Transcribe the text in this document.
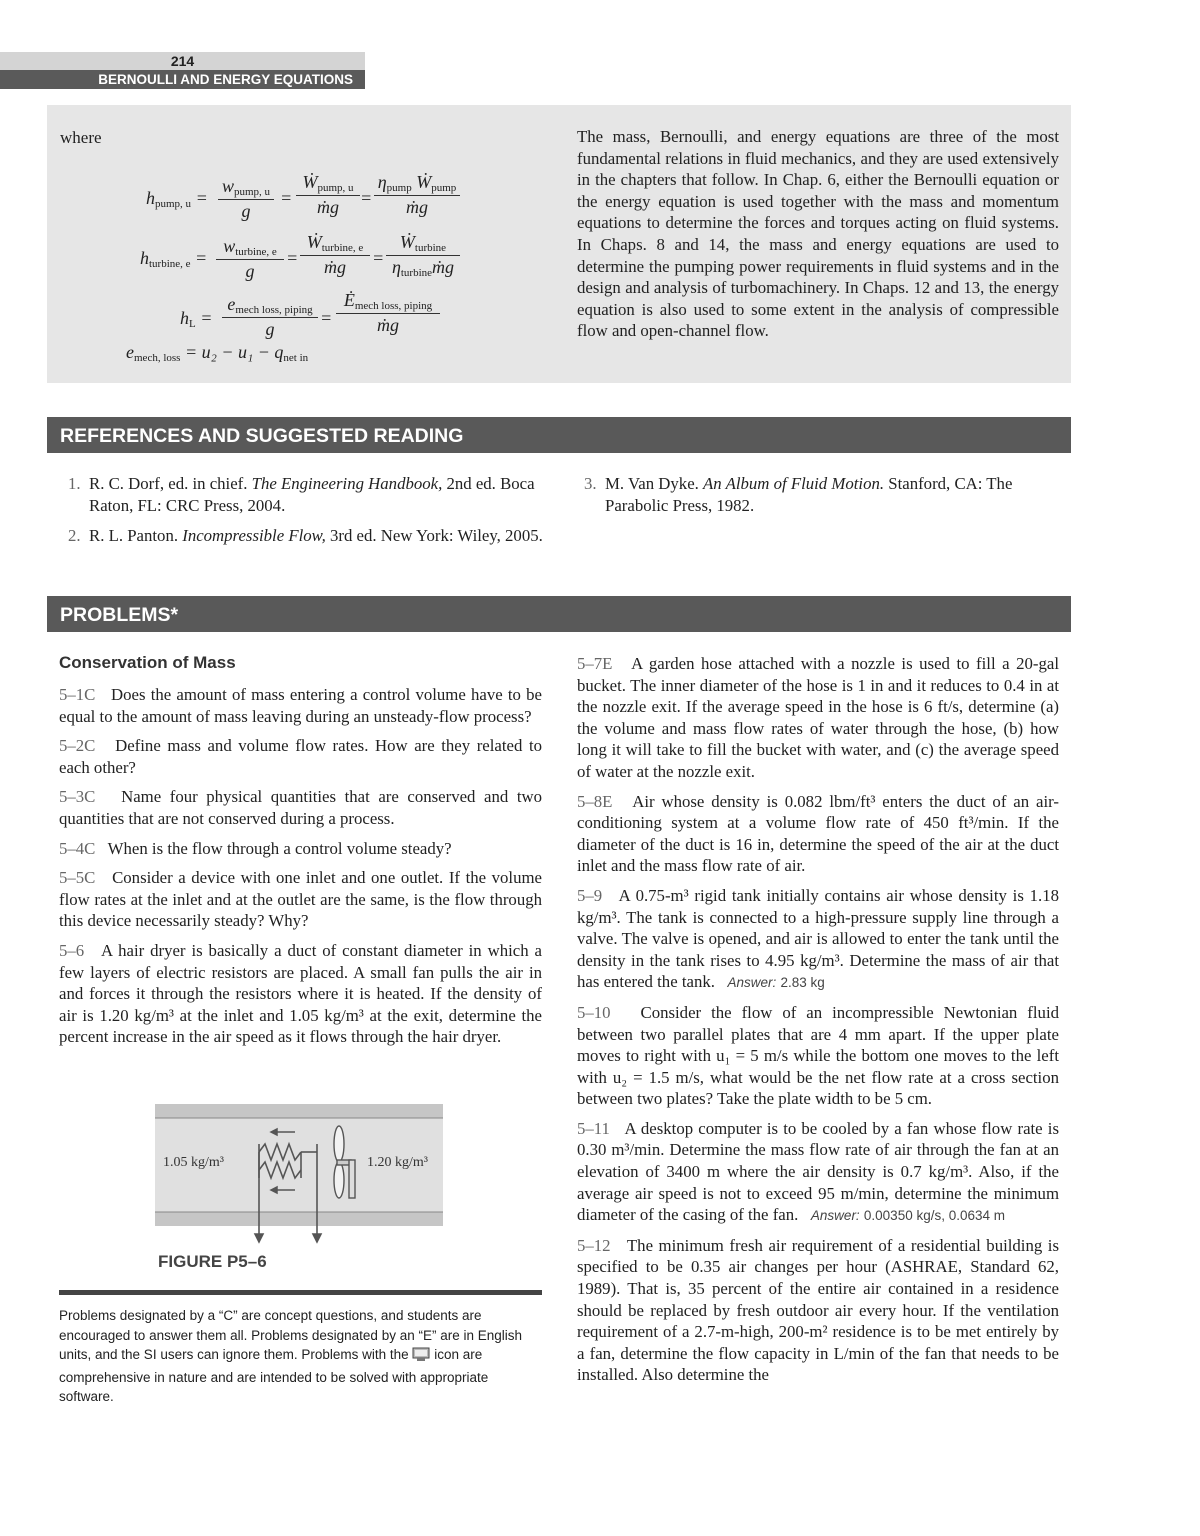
214
BERNOULLI AND ENERGY EQUATIONS
where
$h_{pump, u}$ =
$w_{pump, u}$
g
=
Ẇ$_{pump, u}$
ṁg	=
$\eta_{pump}$ Ẇ$_{pump}$
ṁg
$h_{turbine, e}$ =
$w_{turbine, e}$
g
=
Ẇ$_{turbine, e}$
ṁg	=
Ẇ$_{turbine}$
$\eta_{turbine}ṁg$
$h_L$ =
$e_{mech loss, piping}$
g
=
$Ė_{mech loss, piping}$
ṁg
$e_{mech, loss} = u_2 - u_1 - q_{net in}$
The mass, Bernoulli, and energy equations are three of the most fundamental relations in fluid mechanics, and they are used extensively in the chapters that follow. In Chap. 6, either the Bernoulli equation or the energy equation is used together with the mass and momentum equations to determine the forces and torques acting on fluid systems. In Chaps. 8 and 14, the mass and energy equations are used to determine the pumping power requirements in fluid systems and in the design and analysis of turbomachinery. In Chaps. 12 and 13, the energy equation is also used to some extent in the analysis of compressible flow and open-channel flow.
REFERENCES AND SUGGESTED READING
1. R. C. Dorf, ed. in chief. The Engineering Handbook, 2nd ed. Boca Raton, FL: CRC Press, 2004.
2. R. L. Panton. Incompressible Flow, 3rd ed. New York: Wiley, 2005.
3. M. Van Dyke. An Album of Fluid Motion. Stanford, CA: The Parabolic Press, 1982.
PROBLEMS*
Conservation of Mass

5–1C Does the amount of mass entering a control volume have to be equal to the amount of mass leaving during an unsteady-flow process?

5–2C Define mass and volume flow rates. How are they related to each other?

5–3C Name four physical quantities that are conserved and two quantities that are not conserved during a process.

5–4C When is the flow through a control volume steady?

5–5C Consider a device with one inlet and one outlet. If the volume flow rates at the inlet and at the outlet are the same, is the flow through this device necessarily steady? Why?

5–6 A hair dryer is basically a duct of constant diameter in which a few layers of electric resistors are placed. A small fan pulls the air in and forces it through the resistors where it is heated. If the density of air is 1.20 kg/m³ at the inlet and 1.05 kg/m³ at the exit, determine the percent increase in the air speed as it flows through the hair dryer.

1.05 kg/m³	1.20 kg/m³
FIGURE P5–6
Problems designated by a “C” are concept questions, and students are encouraged to answer them all. Problems designated by an “E” are in English units, and the SI users can ignore them. Problems with the icon are comprehensive in nature and are intended to be solved with appropriate software.

5–7E A garden hose attached with a nozzle is used to fill a 20-gal bucket. The inner diameter of the hose is 1 in and it reduces to 0.4 in at the nozzle exit. If the average speed in the hose is 6 ft/s, determine (a) the volume and mass flow rates of water through the hose, (b) how long it will take to fill the bucket with water, and (c) the average speed of water at the nozzle exit.

5–8E Air whose density is 0.082 lbm/ft³ enters the duct of an air-conditioning system at a volume flow rate of 450 ft³/min. If the diameter of the duct is 16 in, determine the speed of the air at the duct inlet and the mass flow rate of air.

5–9 A 0.75-m³ rigid tank initially contains air whose density is 1.18 kg/m³. The tank is connected to a high-pressure supply line through a valve. The valve is opened, and air is allowed to enter the tank until the density in the tank rises to 4.95 kg/m³. Determine the mass of air that has entered the tank. Answer: 2.83 kg

5–10 Consider the flow of an incompressible Newtonian fluid between two parallel plates that are 4 mm apart. If the upper plate moves to right with u₁ = 5 m/s while the bottom one moves to the left with u₂ = 1.5 m/s, what would be the net flow rate at a cross section between two plates? Take the plate width to be 5 cm.

5–11 A desktop computer is to be cooled by a fan whose flow rate is 0.30 m³/min. Determine the mass flow rate of air through the fan at an elevation of 3400 m where the air density is 0.7 kg/m³. Also, if the average air speed is not to exceed 95 m/min, determine the minimum diameter of the casing of the fan. Answer: 0.00350 kg/s, 0.0634 m

5–12 The minimum fresh air requirement of a residential building is specified to be 0.35 air changes per hour (ASHRAE, Standard 62, 1989). That is, 35 percent of the entire air contained in a residence should be replaced by fresh outdoor air every hour. If the ventilation requirement of a 2.7-m-high, 200-m² residence is to be met entirely by a fan, determine the flow capacity in L/min of the fan that needs to be installed. Also determine the
